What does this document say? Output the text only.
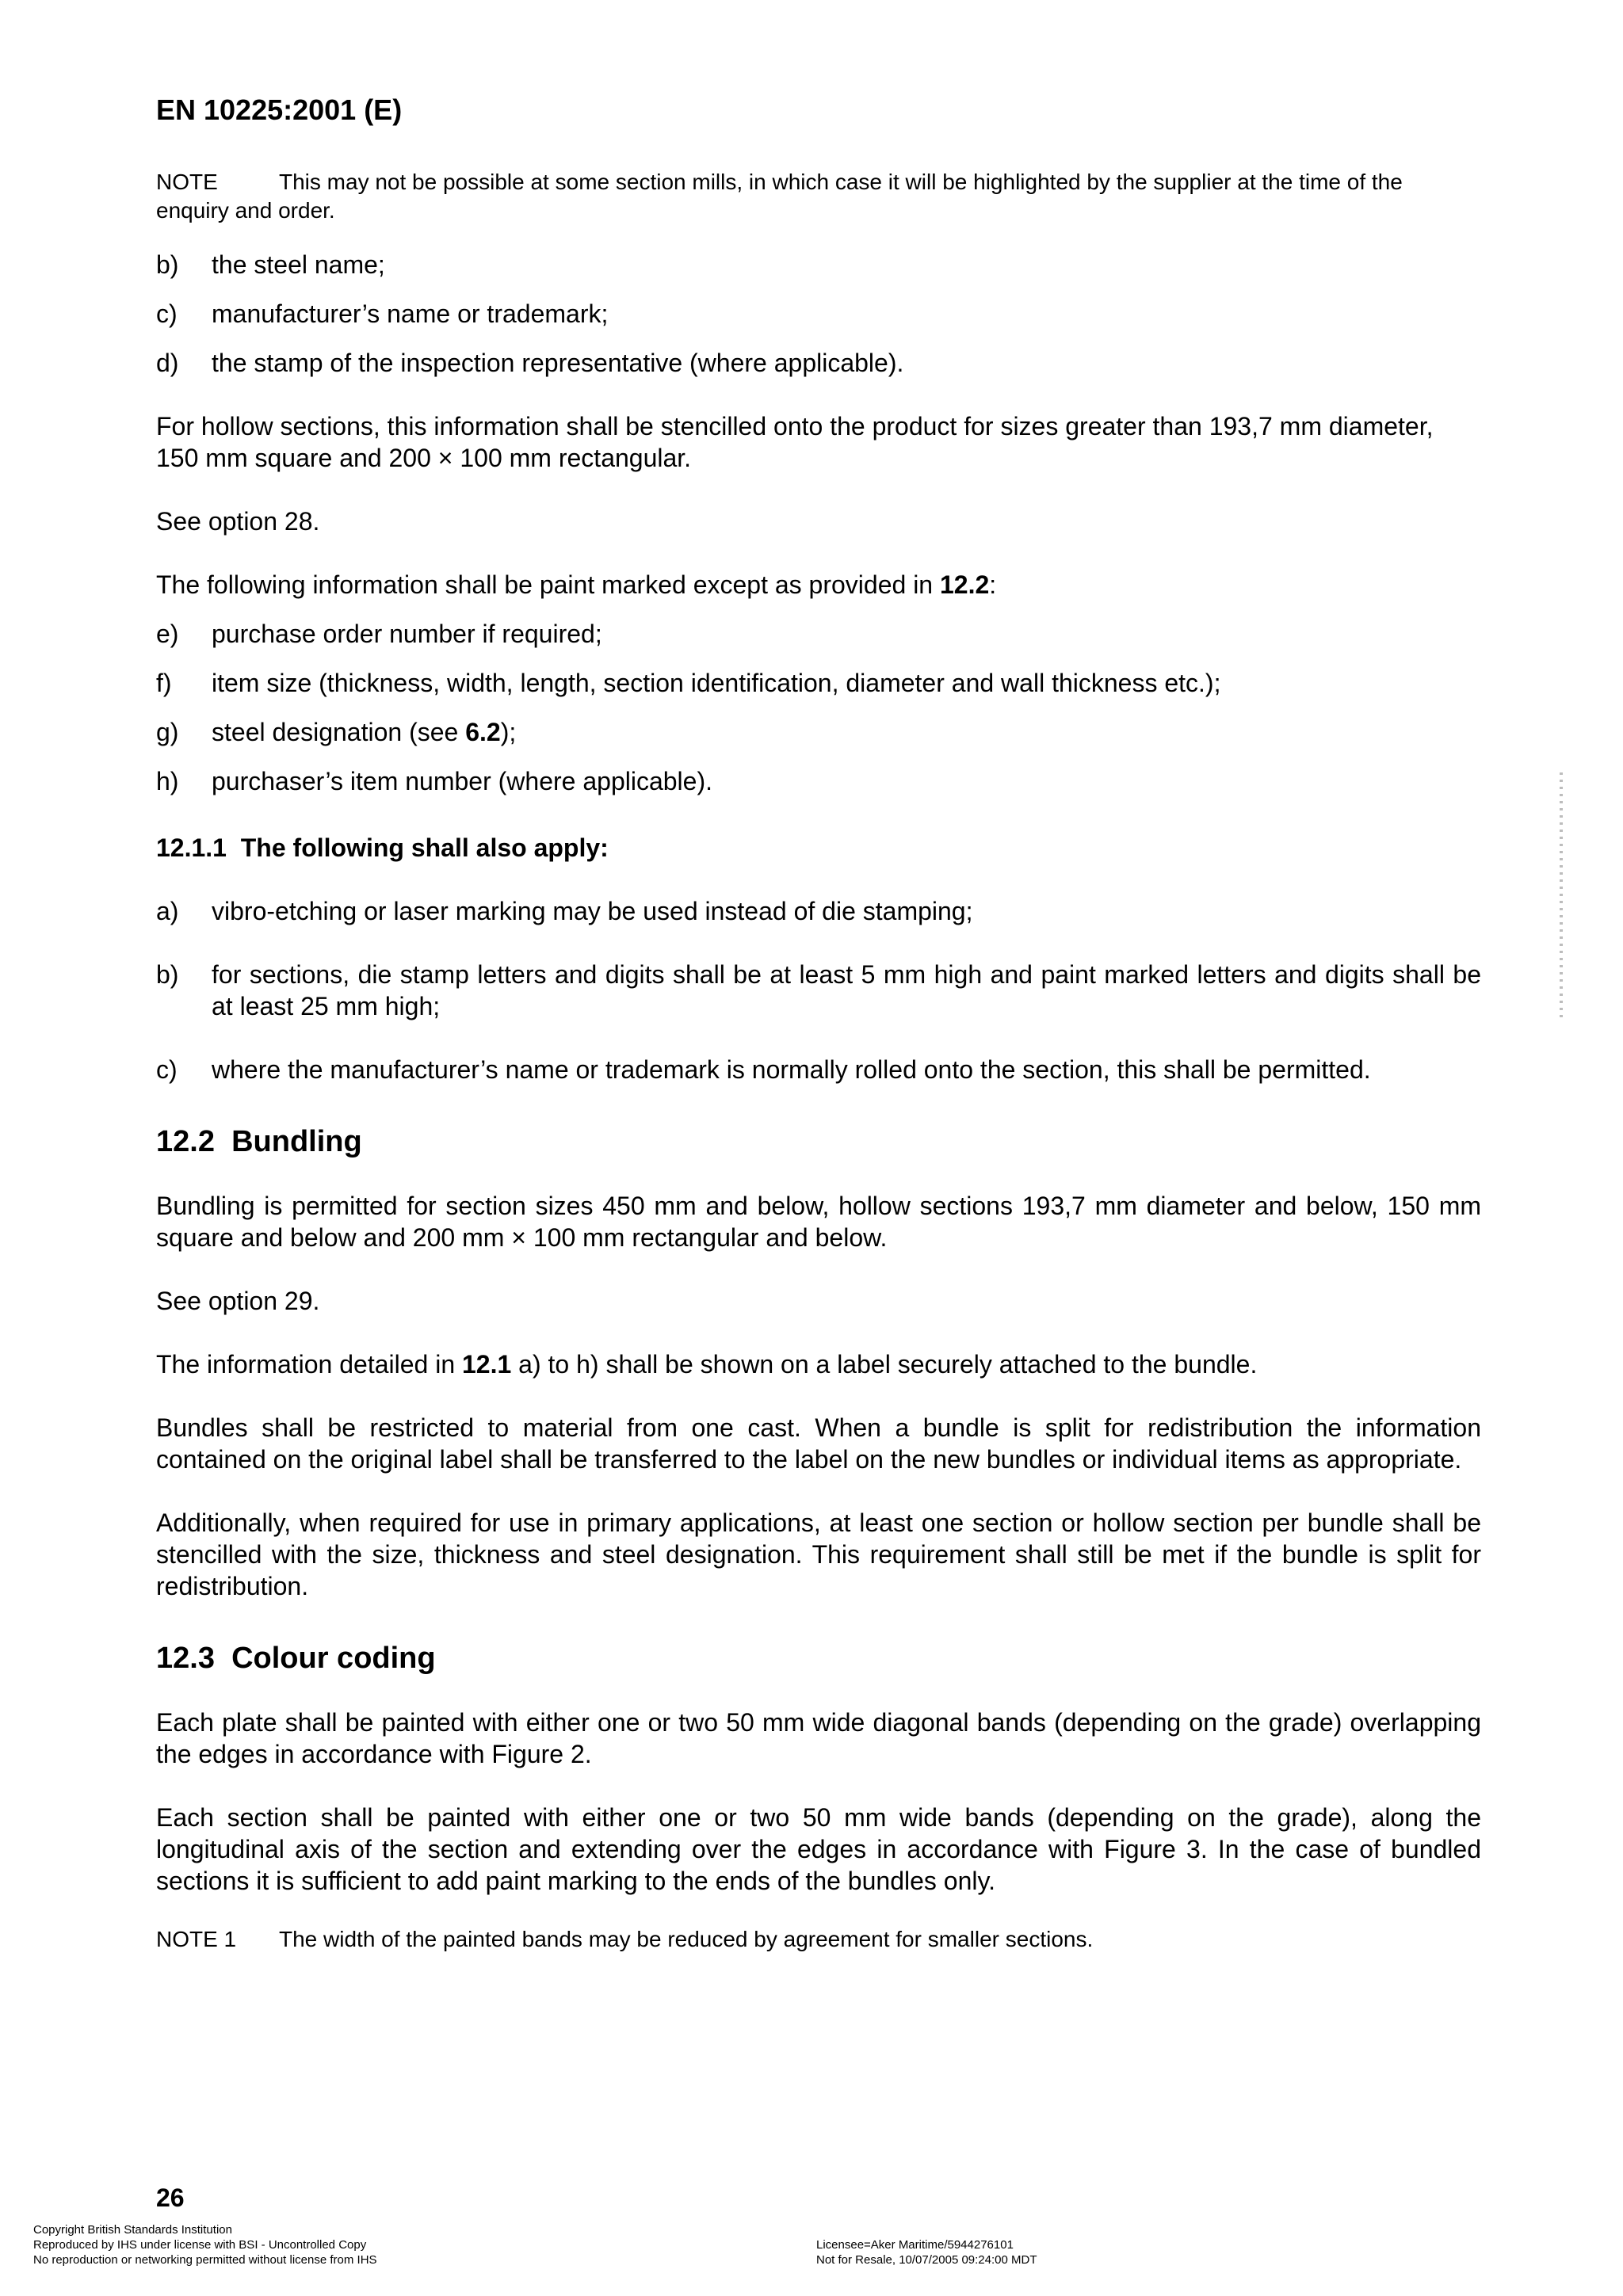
EN 10225:2001 (E)
NOTE	This may not be possible at some section mills, in which case it will be highlighted by the supplier at the time of the enquiry and order.
b)	the steel name;
c)	manufacturer’s name or trademark;
d)	the stamp of the inspection representative (where applicable).

For hollow sections, this information shall be stencilled onto the product for sizes greater than 193,7 mm diameter, 150 mm square and 200 × 100 mm rectangular.

See option 28.

The following information shall be paint marked except as provided in 12.2:

e)	purchase order number if required;
f)	item size (thickness, width, length, section identification, diameter and wall thickness etc.);
g)	steel designation (see 6.2);
h)	purchaser’s item number (where applicable).
12.1.1 The following shall also apply:
a)	vibro-etching or laser marking may be used instead of die stamping;
b)	for sections, die stamp letters and digits shall be at least 5 mm high and paint marked letters and digits shall be at least 25 mm high;
c)	where the manufacturer’s name or trademark is normally rolled onto the section, this shall be permitted.
12.2  Bundling

Bundling is permitted for section sizes 450 mm and below, hollow sections 193,7 mm diameter and below, 150 mm square and below and 200 mm × 100 mm rectangular and below.

See option 29.

The information detailed in 12.1 a) to h) shall be shown on a label securely attached to the bundle.

Bundles shall be restricted to material from one cast. When a bundle is split for redistribution the information contained on the original label shall be transferred to the label on the new bundles or individual items as appropriate.

Additionally, when required for use in primary applications, at least one section or hollow section per bundle shall be stencilled with the size, thickness and steel designation. This requirement shall still be met if the bundle is split for redistribution.

12.3  Colour coding

Each plate shall be painted with either one or two 50 mm wide diagonal bands (depending on the grade) overlapping the edges in accordance with Figure 2.

Each section shall be painted with either one or two 50 mm wide bands (depending on the grade), along the longitudinal axis of the section and extending over the edges in accordance with Figure 3. In the case of bundled sections it is sufficient to add paint marking to the ends of the bundles only.

NOTE 1 The width of the painted bands may be reduced by agreement for smaller sections.
26
Copyright British Standards Institution
Reproduced by IHS under license with BSI - Uncontrolled Copy
No reproduction or networking permitted without license from IHS
Licensee=Aker Maritime/5944276101
Not for Resale, 10/07/2005 09:24:00 MDT
